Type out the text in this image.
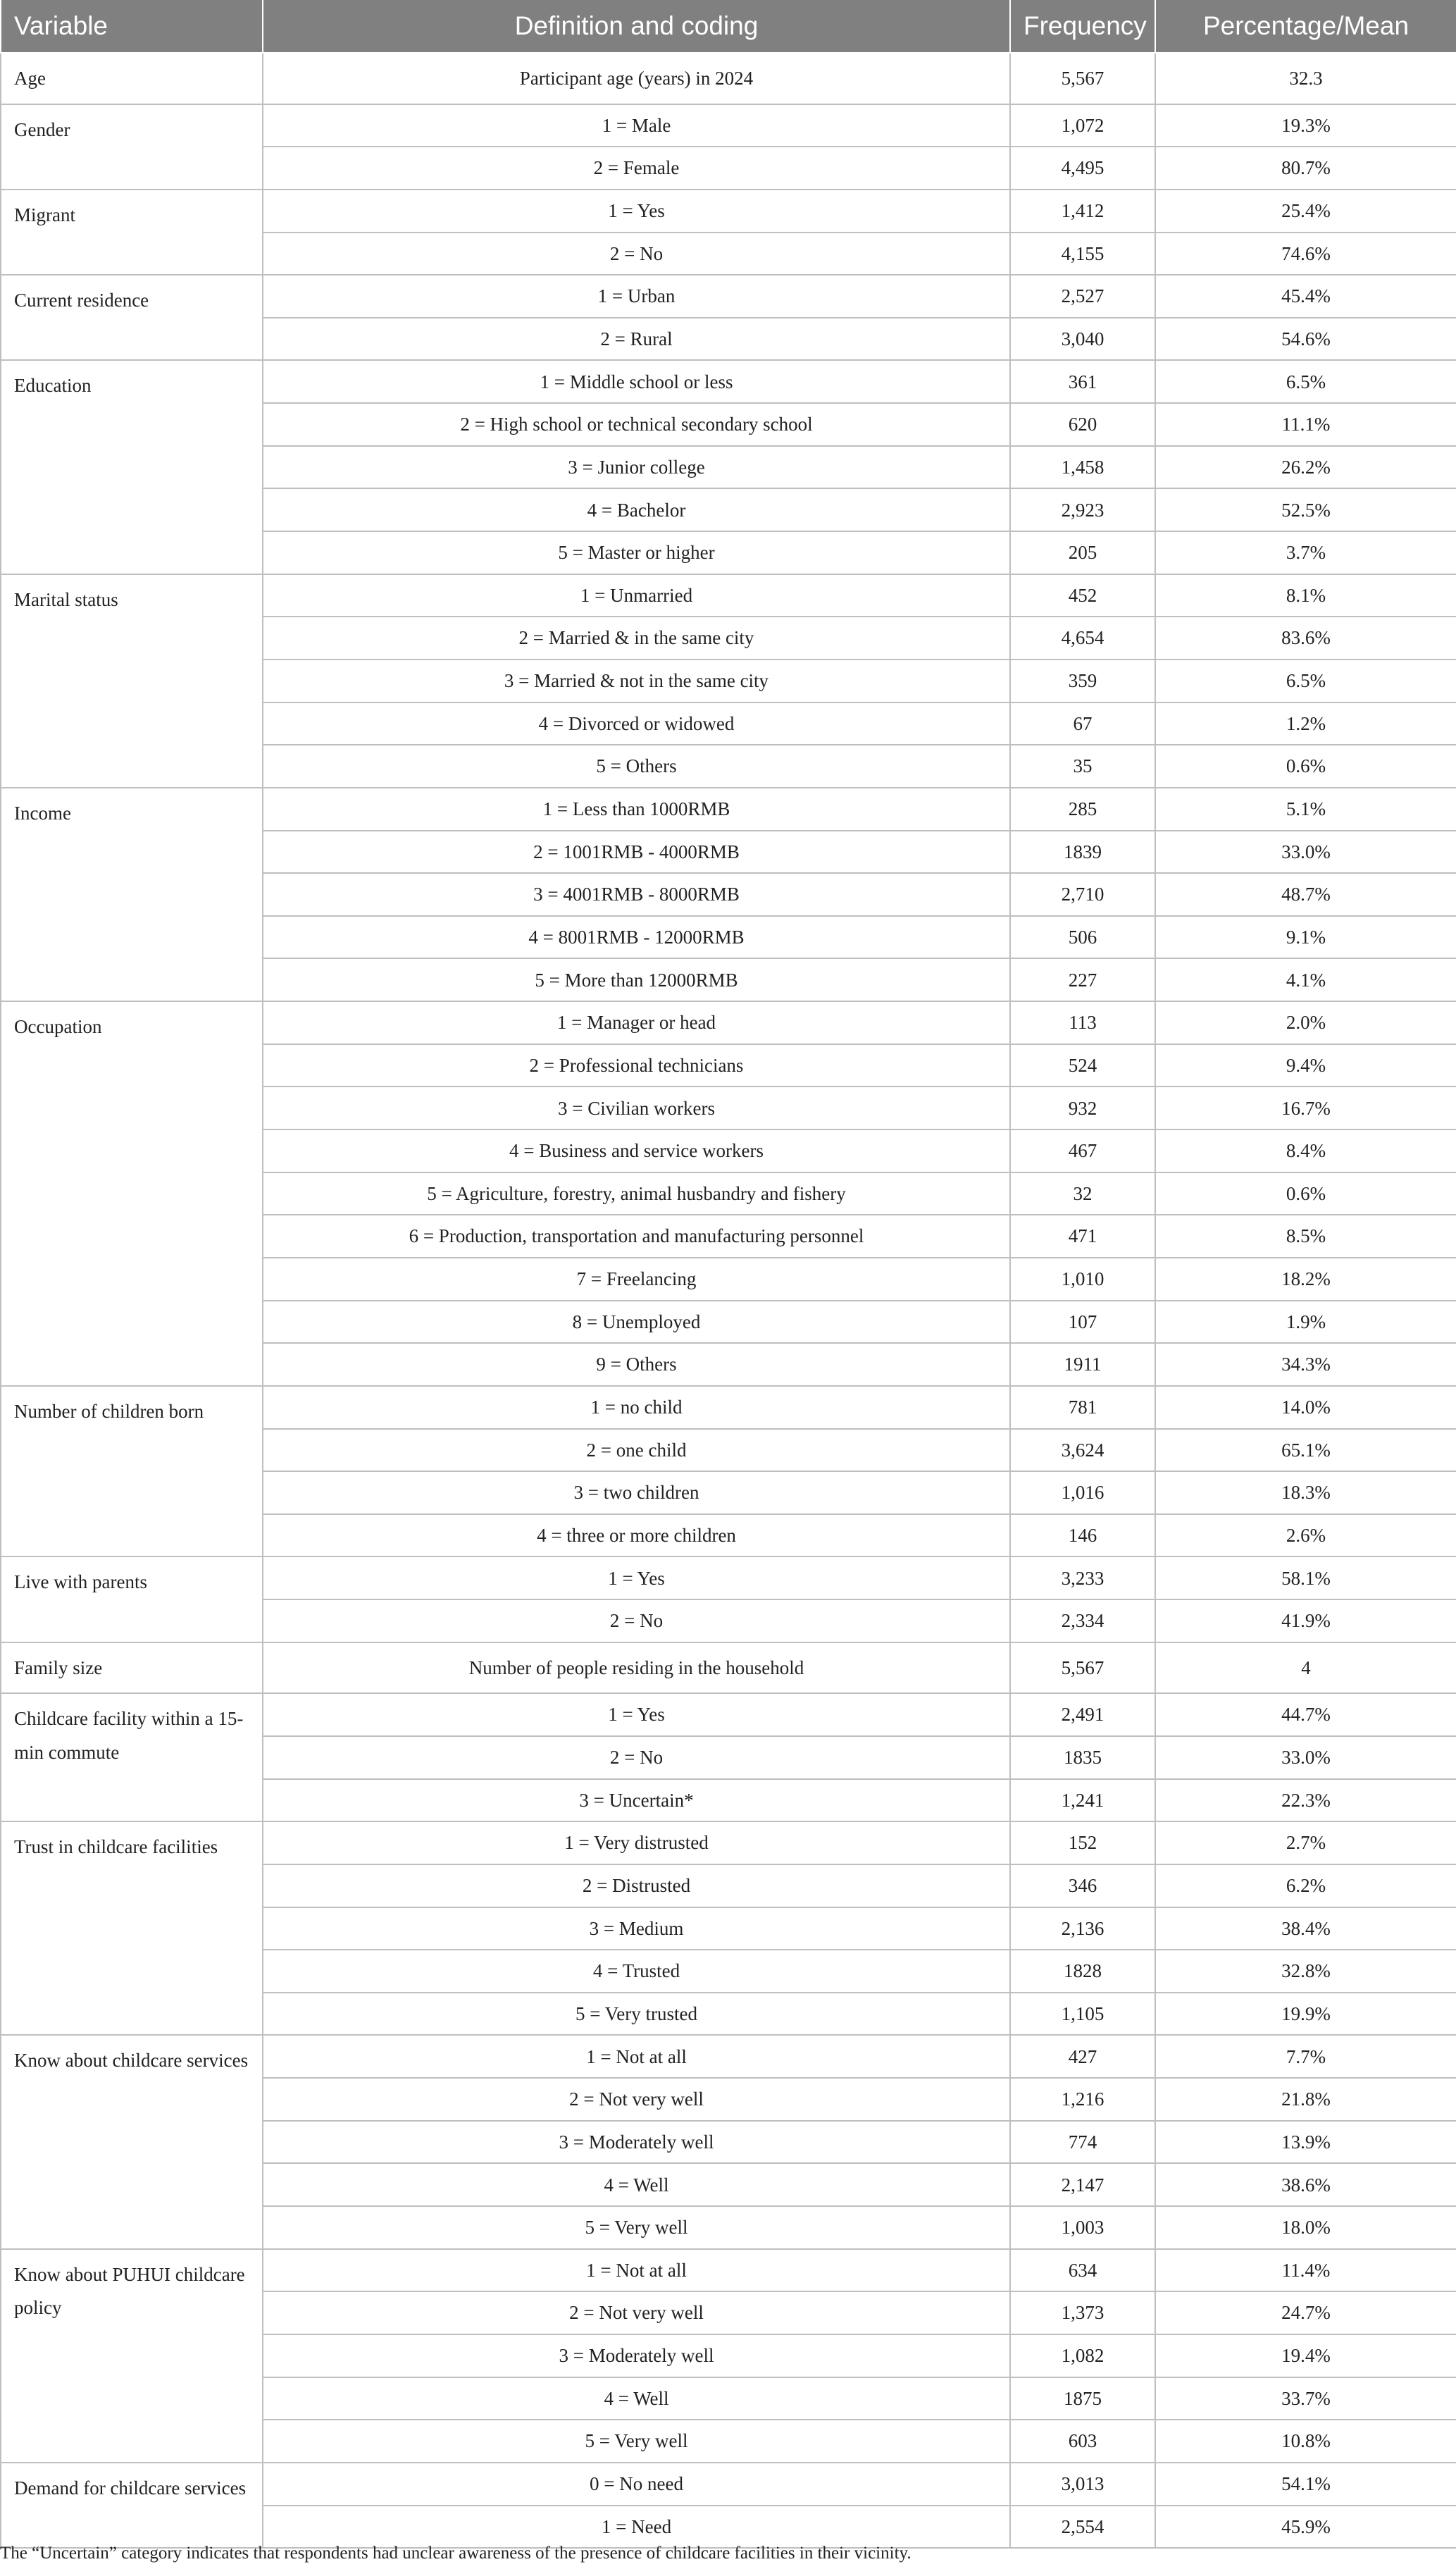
Variable	Definition and coding	Frequency	Percentage/Mean
Age	Participant age (years) in 2024	5,567	32.3
Gender	1 = Male	1,072	19.3%
	2 = Female	4,495	80.7%
Migrant	1 = Yes	1,412	25.4%
	2 = No	4,155	74.6%
Current residence	1 = Urban	2,527	45.4%
	2 = Rural	3,040	54.6%
Education	1 = Middle school or less	361	6.5%
	2 = High school or technical secondary school	620	11.1%
	3 = Junior college	1,458	26.2%
	4 = Bachelor	2,923	52.5%
	5 = Master or higher	205	3.7%
Marital status	1 = Unmarried	452	8.1%
	2 = Married & in the same city	4,654	83.6%
	3 = Married & not in the same city	359	6.5%
	4 = Divorced or widowed	67	1.2%
	5 = Others	35	0.6%
Income	1 = Less than 1000RMB	285	5.1%
	2 = 1001RMB - 4000RMB	1839	33.0%
	3 = 4001RMB - 8000RMB	2,710	48.7%
	4 = 8001RMB - 12000RMB	506	9.1%
	5 = More than 12000RMB	227	4.1%
Occupation	1 = Manager or head	113	2.0%
	2 = Professional technicians	524	9.4%
	3 = Civilian workers	932	16.7%
	4 = Business and service workers	467	8.4%
	5 = Agriculture, forestry, animal husbandry and fishery	32	0.6%
	6 = Production, transportation and manufacturing personnel	471	8.5%
	7 = Freelancing	1,010	18.2%
	8 = Unemployed	107	1.9%
	9 = Others	1911	34.3%
Number of children born	1 = no child	781	14.0%
	2 = one child	3,624	65.1%
	3 = two children	1,016	18.3%
	4 = three or more children	146	2.6%
Live with parents	1 = Yes	3,233	58.1%
	2 = No	2,334	41.9%
Family size	Number of people residing in the household	5,567	4
Childcare facility within a 15-min commute	1 = Yes	2,491	44.7%
	2 = No	1835	33.0%
	3 = Uncertain*	1,241	22.3%
Trust in childcare facilities	1 = Very distrusted	152	2.7%
	2 = Distrusted	346	6.2%
	3 = Medium	2,136	38.4%
	4 = Trusted	1828	32.8%
	5 = Very trusted	1,105	19.9%
Know about childcare services	1 = Not at all	427	7.7%
	2 = Not very well	1,216	21.8%
	3 = Moderately well	774	13.9%
	4 = Well	2,147	38.6%
	5 = Very well	1,003	18.0%
Know about PUHUI childcare policy	1 = Not at all	634	11.4%
	2 = Not very well	1,373	24.7%
	3 = Moderately well	1,082	19.4%
	4 = Well	1875	33.7%
	5 = Very well	603	10.8%
Demand for childcare services	0 = No need	3,013	54.1%
	1 = Need	2,554	45.9%
The “Uncertain” category indicates that respondents had unclear awareness of the presence of childcare facilities in their vicinity.
